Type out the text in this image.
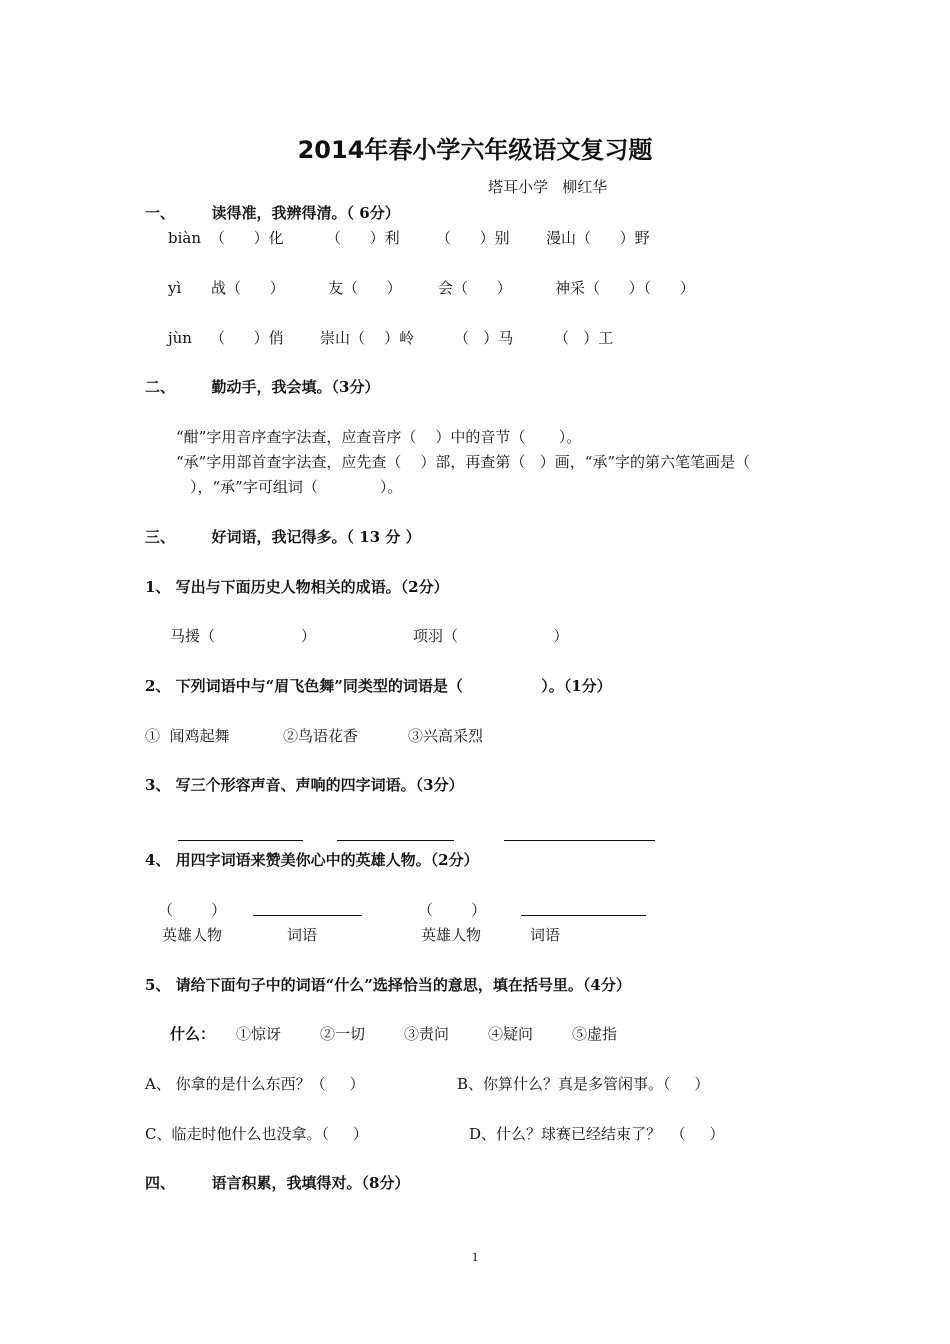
2014年春小学六年级语文复习题
塔耳小学   柳红华
一、       读得准，我辨得清。（ 6分）
biàn （      ）化	（      ）利 （      ）别 漫山（      ）野
yì 战（      ）	友（      ） 会（      ）	神采（      ）（      ）
jùn （      ）俏 崇山（    ）岭	（   ）马	（   ）工
二、       勤动手，我会填。（3分）
“酣”字用音序查字法查，应查音序（    ）中的音节（       ）。
“承”字用部首查字法查，应先查（    ）部，再查第（   ）画，“承”字的第六笔笔画是（
），“承”字可组词（             ）。
三、       好词语，我记得多。（ 13 分 ）
1、 写出与下面历史人物相关的成语。（2分）
马援（                  ）	项羽（                    ）
2、 下列词语中与“眉飞色舞”同类型的词语是（               ）。（1分）
①  闻鸡起舞	②鸟语花香	③兴高采烈
3、 写三个形容声音、声响的四字词语。（3分）
4、 用四字词语来赞美你心中的英雄人物。（2分）
（        ）	（        ）
英雄人物	词语	英雄人物	词语
5、 请给下面句子中的词语“什么”选择恰当的意思，填在括号里。（4分）
什么： ①惊讶	②一切	③责问	④疑问	⑤虚指
A、 你拿的是什么东西？（     ）	B、你算什么？真是多管闲事。（     ）
C、临走时他什么也没拿。（     ）	D、什么？球赛已经结束了？  （     ）
四、       语言积累，我填得对。（8分）
1
